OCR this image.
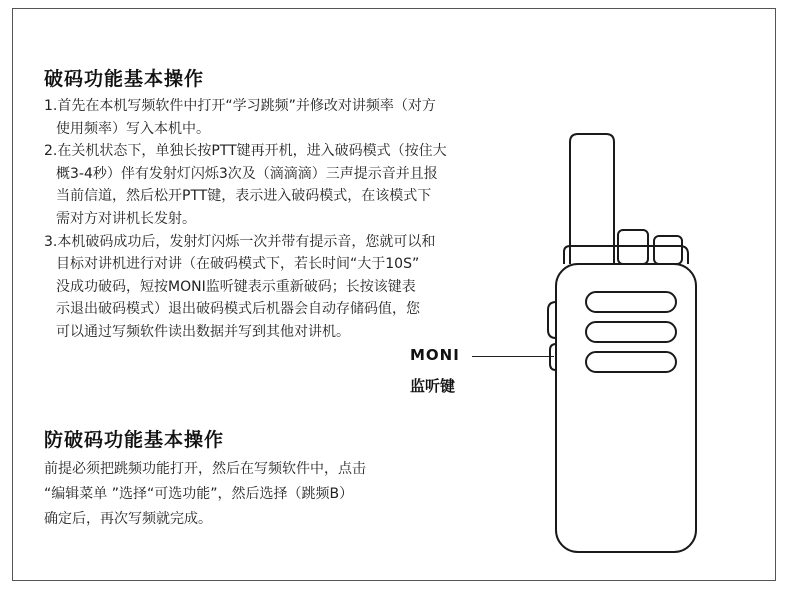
破码功能基本操作
1.首先在本机写频软件中打开“学习跳频”并修改对讲频率（对方
使用频率）写入本机中。
2.在关机状态下，单独长按PTT键再开机，进入破码模式（按住大
概3-4秒）伴有发射灯闪烁3次及（滴滴滴）三声提示音并且报
当前信道，然后松开PTT键，表示进入破码模式，在该模式下
需对方对讲机长发射。
3.本机破码成功后，发射灯闪烁一次并带有提示音，您就可以和
目标对讲机进行对讲（在破码模式下，若长时间“大于10S”
没成功破码，短按MONI监听键表示重新破码；长按该键表
示退出破码模式）退出破码模式后机器会自动存储码值，您
可以通过写频软件读出数据并写到其他对讲机。
防破码功能基本操作
前提必须把跳频功能打开，然后在写频软件中，点击
“编辑菜单 ”选择“可选功能”，然后选择（跳频B）
确定后，再次写频就完成。
MONI
监听键
